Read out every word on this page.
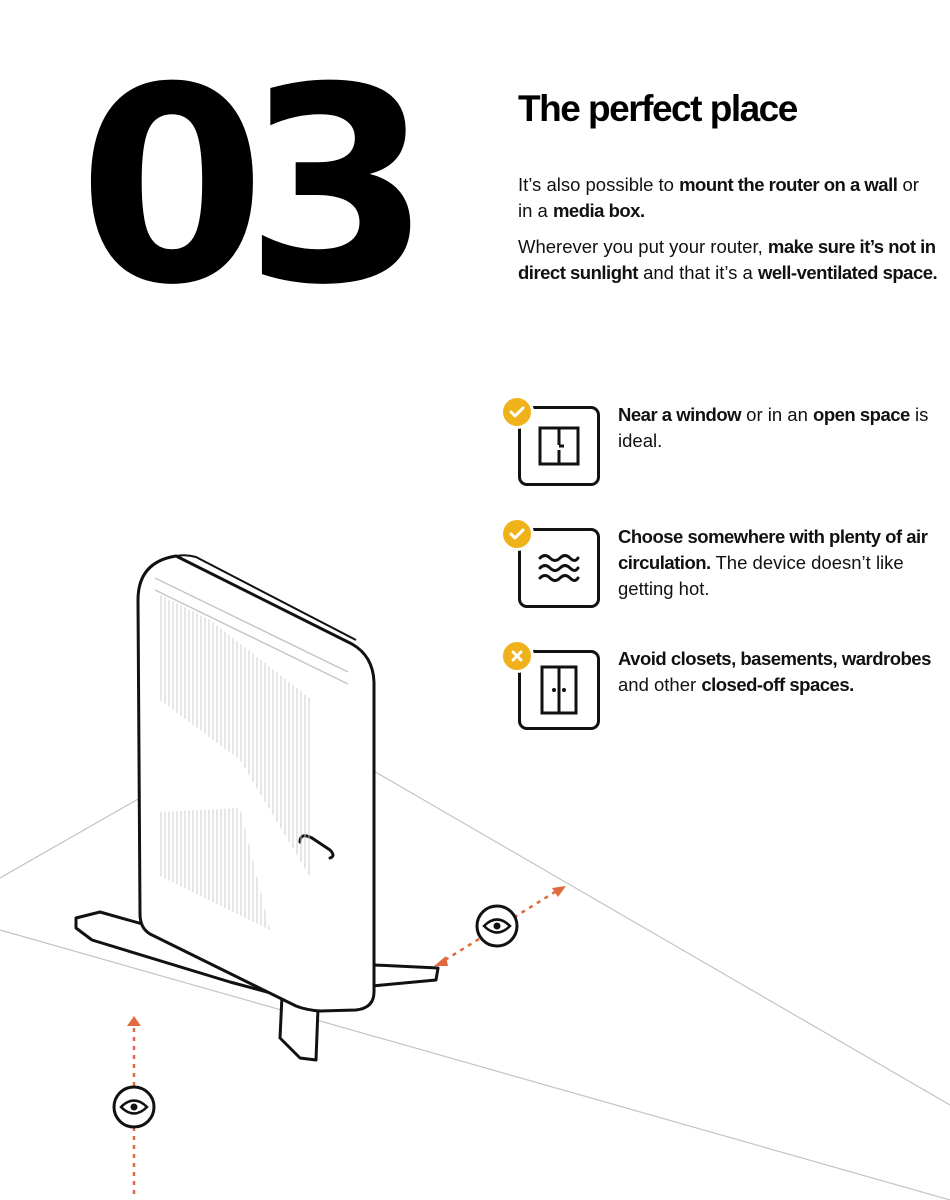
03	The perfect place

It’s also possible to mount the router on a wall or in a media box.

Wherever you put your router, make sure it’s not in direct sunlight and that it’s a well-ventilated space.

Near a window or in an open space is ideal.
Choose somewhere with plenty of air circulation. The device doesn’t like getting hot.
Avoid closets, basements, wardrobes and other closed-off spaces.
